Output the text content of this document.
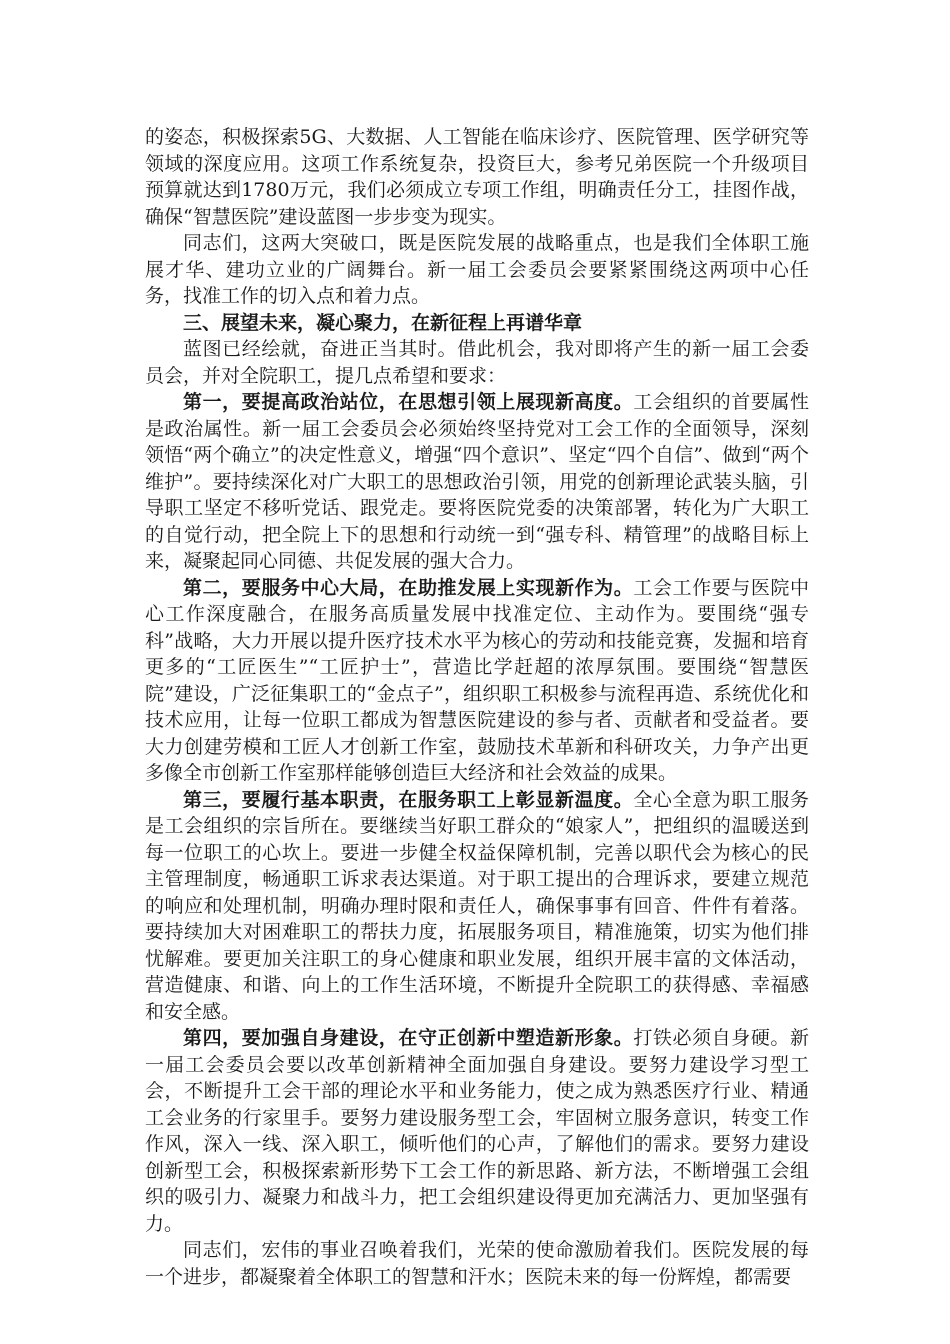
的姿态，积极探索5G、大数据、人工智能在临床诊疗、医院管理、医学研究等领域的深度应用。这项工作系统复杂，投资巨大，参考兄弟医院一个升级项目预算就达到1780万元，我们必须成立专项工作组，明确责任分工，挂图作战，确保“智慧医院”建设蓝图一步步变为现实。

同志们，这两大突破口，既是医院发展的战略重点，也是我们全体职工施展才华、建功立业的广阔舞台。新一届工会委员会要紧紧围绕这两项中心任务，找准工作的切入点和着力点。

三、展望未来，凝心聚力，在新征程上再谱华章

蓝图已经绘就，奋进正当其时。借此机会，我对即将产生的新一届工会委员会，并对全院职工，提几点希望和要求：

第一，要提高政治站位，在思想引领上展现新高度。工会组织的首要属性是政治属性。新一届工会委员会必须始终坚持党对工会工作的全面领导，深刻领悟“两个确立”的决定性意义，增强“四个意识”、坚定“四个自信”、做到“两个维护”。要持续深化对广大职工的思想政治引领，用党的创新理论武装头脑，引导职工坚定不移听党话、跟党走。要将医院党委的决策部署，转化为广大职工的自觉行动，把全院上下的思想和行动统一到“强专科、精管理”的战略目标上来，凝聚起同心同德、共促发展的强大合力。

第二，要服务中心大局，在助推发展上实现新作为。工会工作要与医院中心工作深度融合，在服务高质量发展中找准定位、主动作为。要围绕“强专科”战略，大力开展以提升医疗技术水平为核心的劳动和技能竞赛，发掘和培育更多的“工匠医生”“工匠护士”，营造比学赶超的浓厚氛围。要围绕“智慧医院”建设，广泛征集职工的“金点子”，组织职工积极参与流程再造、系统优化和技术应用，让每一位职工都成为智慧医院建设的参与者、贡献者和受益者。要大力创建劳模和工匠人才创新工作室，鼓励技术革新和科研攻关，力争产出更多像全市创新工作室那样能够创造巨大经济和社会效益的成果。

第三，要履行基本职责，在服务职工上彰显新温度。全心全意为职工服务是工会组织的宗旨所在。要继续当好职工群众的“娘家人”，把组织的温暖送到每一位职工的心坎上。要进一步健全权益保障机制，完善以职代会为核心的民主管理制度，畅通职工诉求表达渠道。对于职工提出的合理诉求，要建立规范的响应和处理机制，明确办理时限和责任人，确保事事有回音、件件有着落。要持续加大对困难职工的帮扶力度，拓展服务项目，精准施策，切实为他们排忧解难。要更加关注职工的身心健康和职业发展，组织开展丰富的文体活动，营造健康、和谐、向上的工作生活环境，不断提升全院职工的获得感、幸福感和安全感。

第四，要加强自身建设，在守正创新中塑造新形象。打铁必须自身硬。新一届工会委员会要以改革创新精神全面加强自身建设。要努力建设学习型工会，不断提升工会干部的理论水平和业务能力，使之成为熟悉医疗行业、精通工会业务的行家里手。要努力建设服务型工会，牢固树立服务意识，转变工作作风，深入一线、深入职工，倾听他们的心声，了解他们的需求。要努力建设创新型工会，积极探索新形势下工会工作的新思路、新方法，不断增强工会组织的吸引力、凝聚力和战斗力，把工会组织建设得更加充满活力、更加坚强有力。

同志们，宏伟的事业召唤着我们，光荣的使命激励着我们。医院发展的每一个进步，都凝聚着全体职工的智慧和汗水；医院未来的每一份辉煌，都需要
